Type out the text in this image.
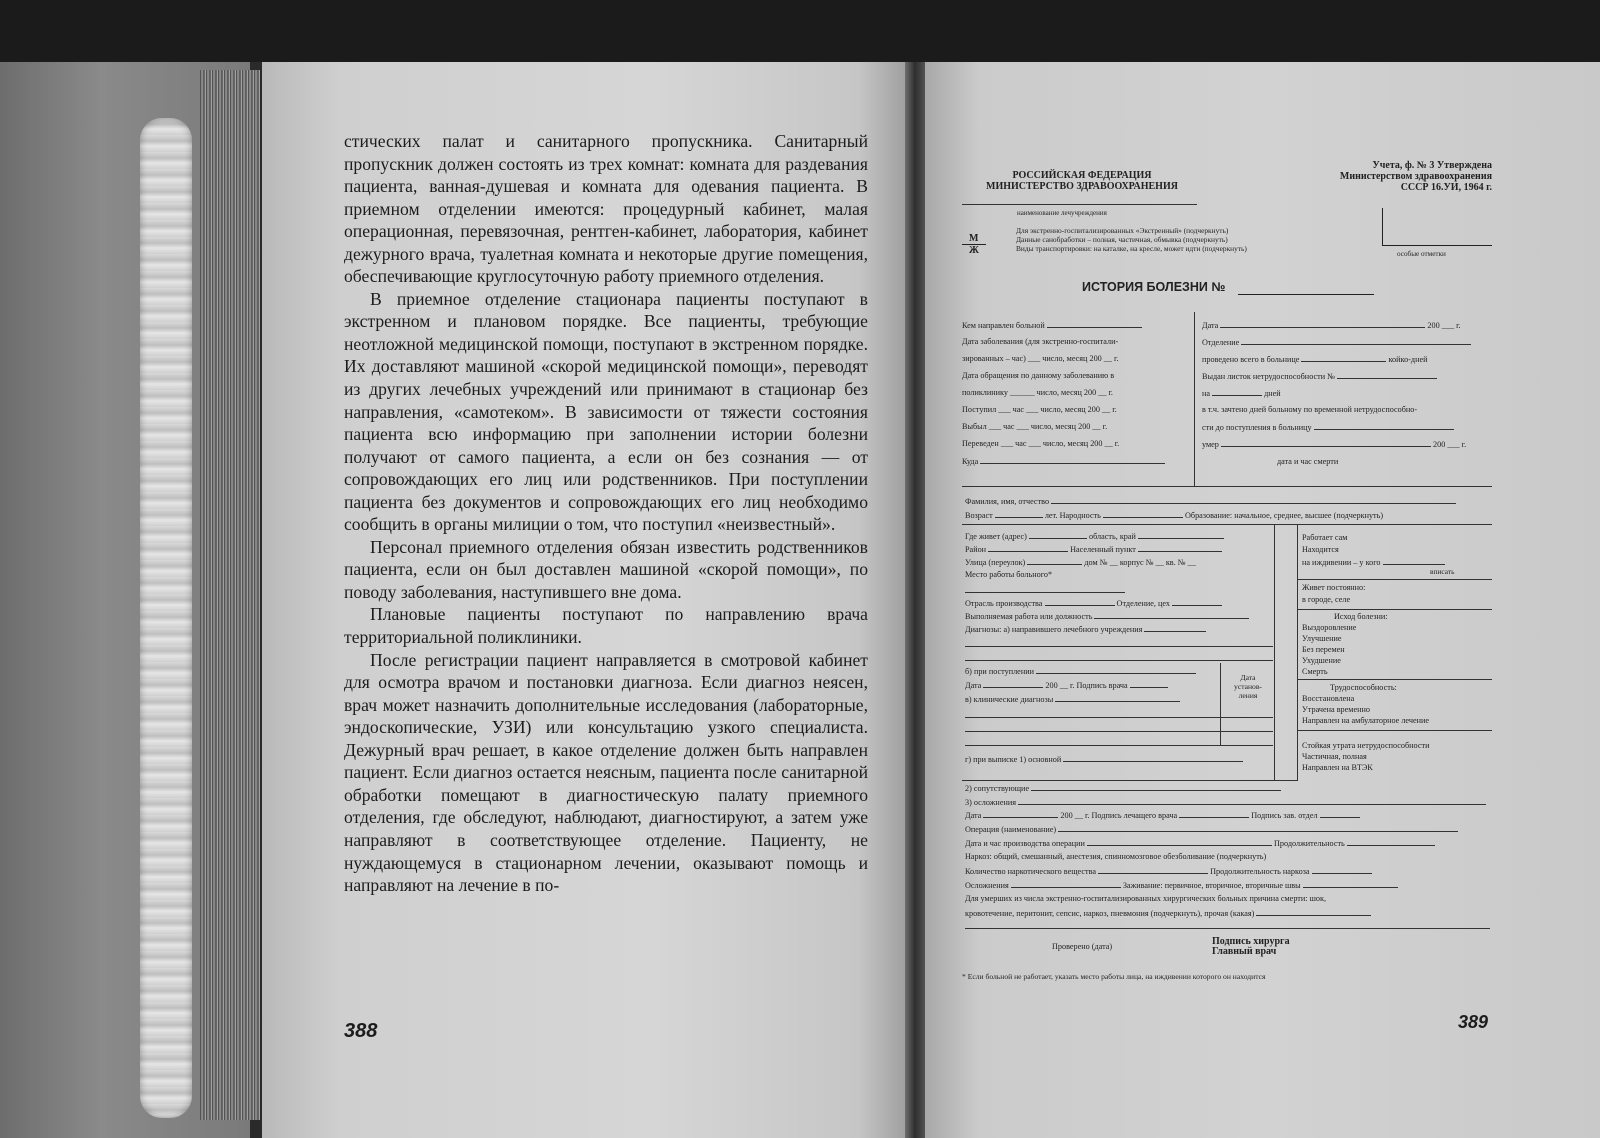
стических палат и санитарного пропускника. Санитарный пропускник должен состоять из трех комнат: комната для раздевания пациента, ванная-душевая и комната для одевания пациента. В приемном отделении имеются: процедурный кабинет, малая операционная, перевязочная, рентген-кабинет, лаборатория, кабинет дежурного врача, туалетная комната и некоторые другие помещения, обеспечивающие круглосуточную работу приемного отделения.

В приемное отделение стационара пациенты поступают в экстренном и плановом порядке. Все пациенты, требующие неотложной медицинской помощи, поступают в экстренном порядке. Их доставляют машиной «скорой медицинской помощи», переводят из других лечебных учреждений или принимают в стационар без направления, «самотеком». В зависимости от тяжести состояния пациента всю информацию при заполнении истории болезни получают от самого пациента, а если он без сознания — от сопровождающих его лиц или родственников. При поступлении пациента без документов и сопровождающих его лиц необходимо сообщить в органы милиции о том, что поступил «неизвестный».

Персонал приемного отделения обязан известить родственников пациента, если он был доставлен машиной «скорой помощи», по поводу заболевания, наступившего вне дома.

Плановые пациенты поступают по направлению врача территориальной поликлиники.

После регистрации пациент направляется в смотровой кабинет для осмотра врачом и постановки диагноза. Если диагноз неясен, врач может назначить дополнительные исследования (лабораторные, эндоскопические, УЗИ) или консультацию узкого специалиста. Дежурный врач решает, в какое отделение должен быть направлен пациент. Если диагноз остается неясным, пациента после санитарной обработки помещают в диагностическую палату приемного отделения, где обследуют, наблюдают, диагностируют, а затем уже направляют в соответствующее отделение. Пациенту, не нуждающемуся в стационарном лечении, оказывают помощь и направляют на лечение в по-

388
РОССИЙСКАЯ ФЕДЕРАЦИЯ
МИНИСТЕРСТВО ЗДРАВООХРАНЕНИЯ
Учета, ф. № 3 Утверждена
Министерством здравоохранения
СССР 16.УИ, 1964 г.
наименование лечучреждения
М
Ж
Для экстренно-госпитализированных «Экстренный» (подчеркнуть)
Данные санобработки – полная, частичная, обмывка (подчеркнуть)
Виды транспортировки: на каталке, на кресле, может идти (подчеркнуть)
особые отметки
ИСТОРИЯ БОЛЕЗНИ №
Кем направлен больной
Дата заболевания (для экстренно-госпитали-
зированных – час) ___ число, месяц 200 __ г.
Дата обращения по данному заболеванию в
поликлинику ______ число, месяц 200 __ г.
Поступил ___ час ___ число, месяц 200 __ г.
Выбыл ___ час ___ число, месяц 200 __ г.
Переведен ___ час ___ число, месяц 200 __ г.
Куда
Дата	200 ___ г.
Отделение
проведено всего в больнице	койко-дней
Выдан листок нетрудоспособности №
на	дней
в т.ч. зачтено дней больному по временной нетрудоспособно-
сти до поступления в больницу
умер	200 ___ г.
дата и час смерти
Фамилия, имя, отчество
Возраст	лет. Народность	Образование: начальное, среднее, высшее (подчеркнуть)
Где живет (адрес)	область, край
Район	Населенный пункт
Улица (переулок)	дом № __ корпус № __ кв. № __
Место работы больного*
Отрасль производства	Отделение, цех
Выполняемая работа или должность
Диагнозы: а) направившего лечебного учреждения
б) при поступлении
Дата	200 __ г. Подпись врача
в) клинические диагнозы
Дата установ-ления
г) при выписке 1) основной
2) сопутствующие
3) осложнения
Работает сам
Находится
на иждивении – у кого
вписать
Живет постоянно:
в городе, селе
Исход болезни:
Выздоровление
Улучшение
Без перемен
Ухудшение
Смерть
Трудоспособность:
Восстановлена
Утрачена временно
Направлен на амбулаторное лечение
Стойкая утрата нетрудоспособности
Частичная, полная
Направлен на ВТЭК
Дата	200 __ г. Подпись лечащего врача	Подпись зав. отдел
Операция (наименование)
Дата и час производства операции	Продолжительность
Наркоз: общий, смешанный, анестезия, спинномозговое обезболивание (подчеркнуть)
Количество наркотического вещества	Продолжительность наркоза
Осложнения	Заживание: первичное, вторичное, вторичные швы
Для умерших из числа экстренно-госпитализированных хирургических больных причина смерти: шок,
кровотечение, перитонит, сепсис, наркоз, пневмония (подчеркнуть), прочая (какая)
Проверено (дата)	Подпись хирурга
Главный врач
* Если больной не работает, указать место работы лица, на иждивении которого он находится
389
